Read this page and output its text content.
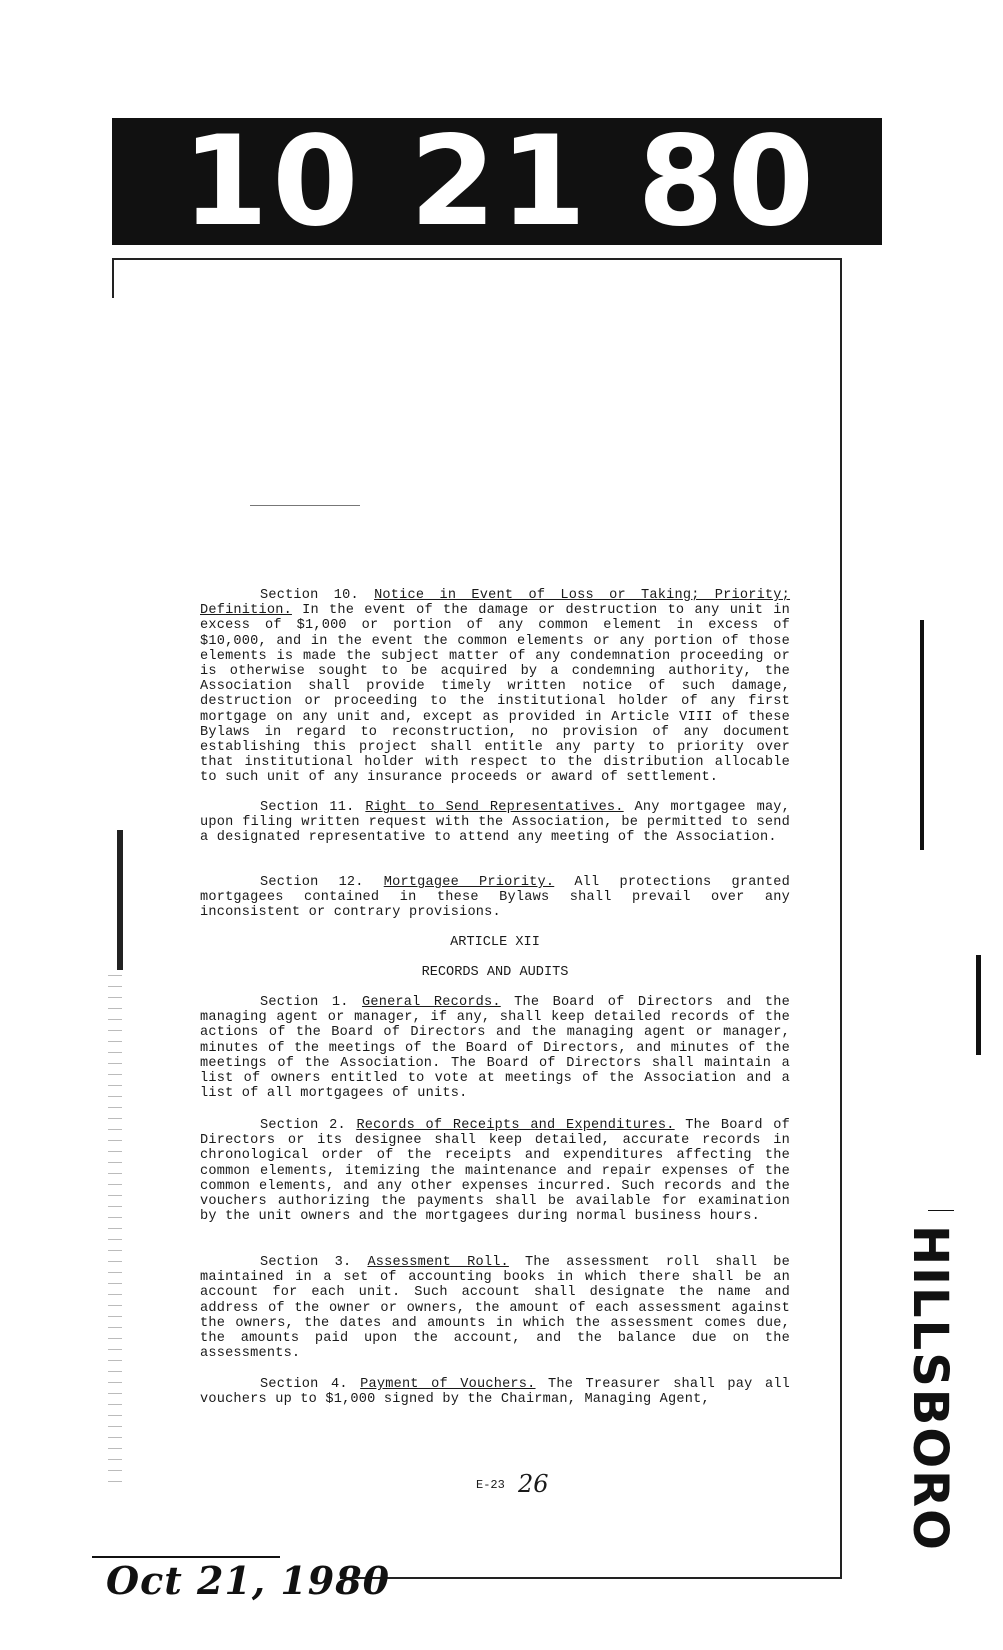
10 21 80
Section 10. Notice in Event of Loss or Taking; Priority; Definition. In the event of the damage or destruction to any unit in excess of $1,000 or portion of any common element in excess of $10,000, and in the event the common elements or any portion of those elements is made the subject matter of any condemnation proceeding or is otherwise sought to be acquired by a condemning authority, the Association shall provide timely written notice of such damage, destruction or proceeding to the institutional holder of any first mortgage on any unit and, except as provided in Article VIII of these Bylaws in regard to reconstruction, no provision of any document establishing this project shall entitle any party to priority over that institutional holder with respect to the distribution allocable to such unit of any insurance proceeds or award of settlement.
Section 11. Right to Send Representatives. Any mortgagee may, upon filing written request with the Association, be permitted to send a designated representative to attend any meeting of the Association.
Section 12. Mortgagee Priority. All protections granted mortgagees contained in these Bylaws shall prevail over any inconsistent or contrary provisions.
ARTICLE XII
RECORDS AND AUDITS
Section 1. General Records. The Board of Directors and the managing agent or manager, if any, shall keep detailed records of the actions of the Board of Directors and the managing agent or manager, minutes of the meetings of the Board of Directors, and minutes of the meetings of the Association. The Board of Directors shall maintain a list of owners entitled to vote at meetings of the Association and a list of all mortgagees of units.
Section 2. Records of Receipts and Expenditures. The Board of Directors or its designee shall keep detailed, accurate records in chronological order of the receipts and expenditures affecting the common elements, itemizing the maintenance and repair expenses of the common elements, and any other expenses incurred. Such records and the vouchers authorizing the payments shall be available for examination by the unit owners and the mortgagees during normal business hours.
Section 3. Assessment Roll. The assessment roll shall be maintained in a set of accounting books in which there shall be an account for each unit. Such account shall designate the name and address of the owner or owners, the amount of each assessment against the owners, the dates and amounts in which the assessment comes due, the amounts paid upon the account, and the balance due on the assessments.
Section 4. Payment of Vouchers. The Treasurer shall pay all vouchers up to $1,000 signed by the Chairman, Managing Agent,
E-23 26
Oct 21, 1980
HILLSBORO
